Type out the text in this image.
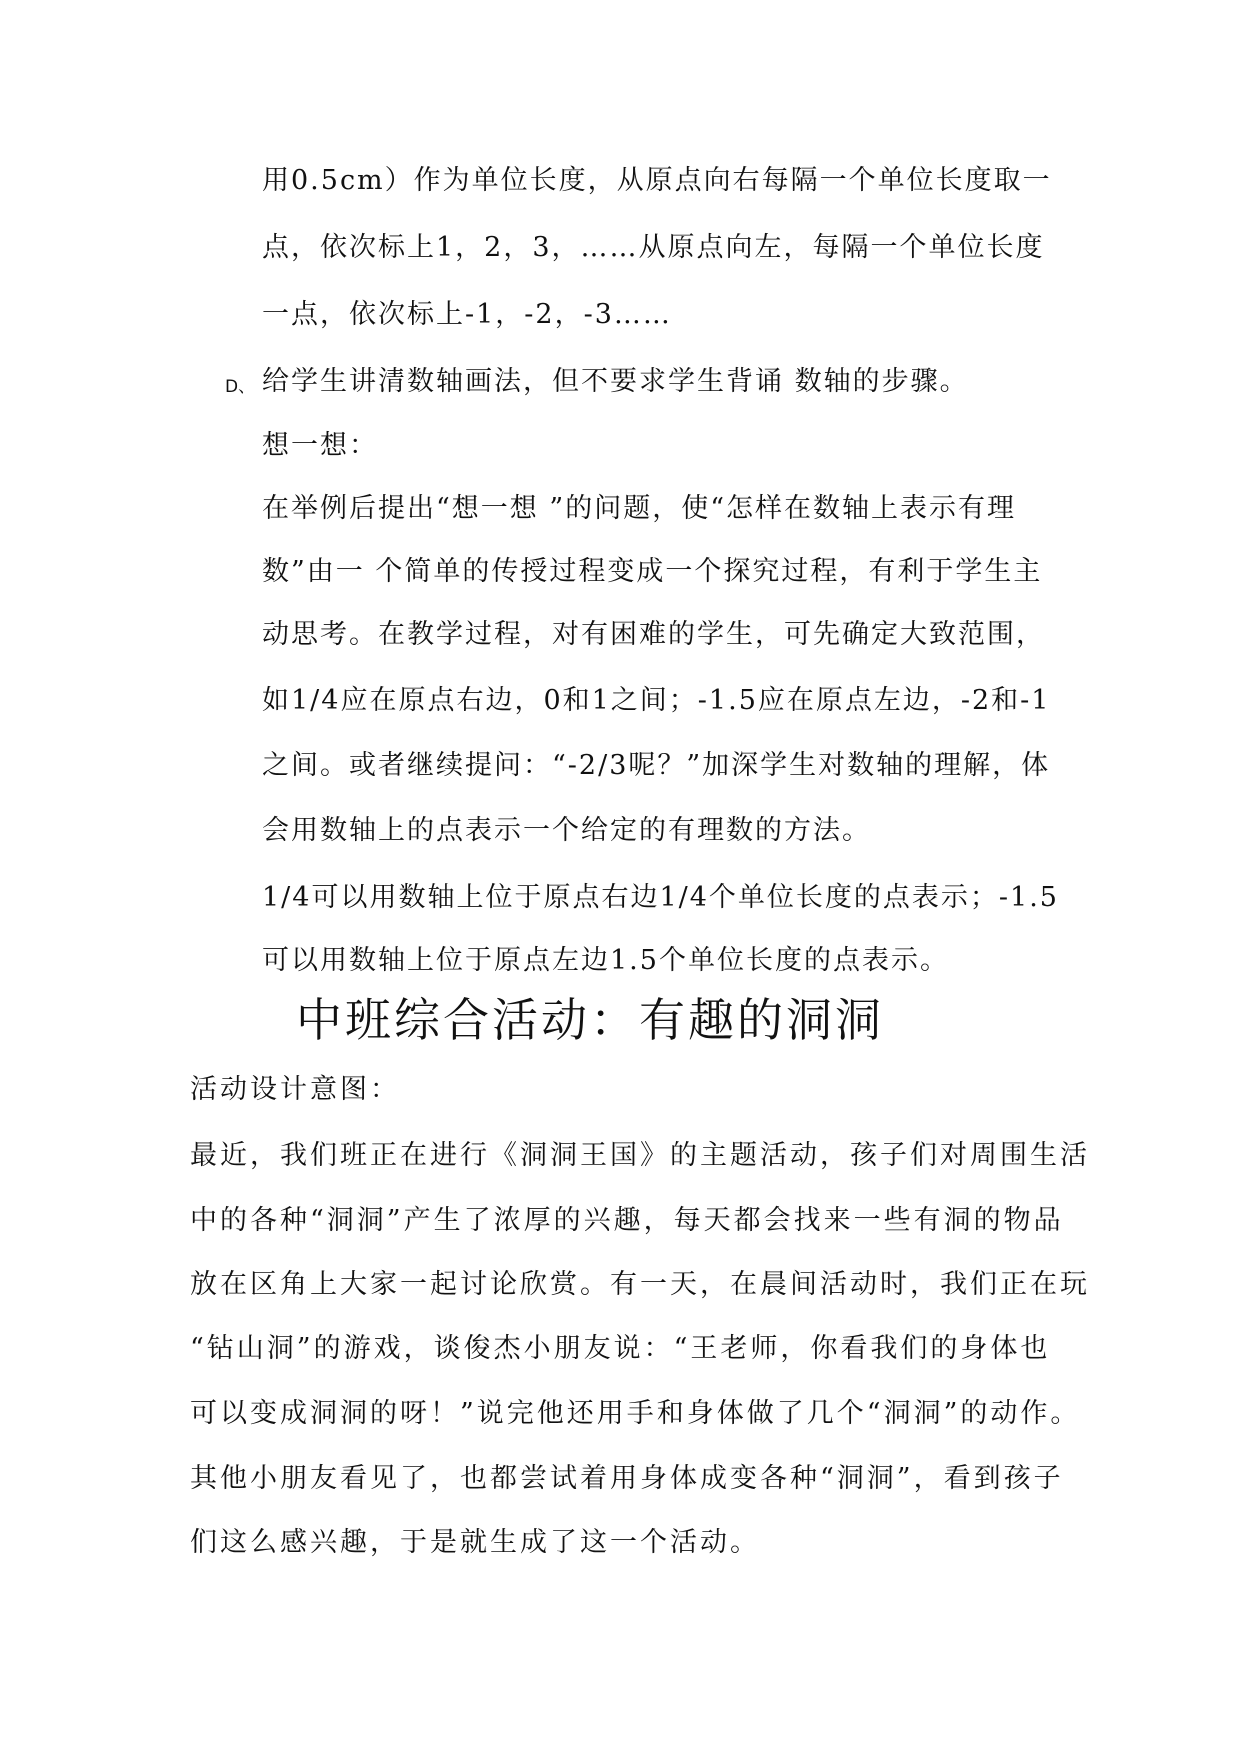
用0.5cm）作为单位长度，从原点向右每隔一个单位长度取一
点，依次标上1，2，3，……从原点向左，每隔一个单位长度
一点，依次标上-1，-2，-3……
D、 给学生讲清数轴画法，但不要求学生背诵 数轴的步骤。
想一想：
在举例后提出“想一想 ”的问题，使“怎样在数轴上表示有理
数”由一 个简单的传授过程变成一个探究过程，有利于学生主
动思考。在教学过程，对有困难的学生，可先确定大致范围，
如1/4应在原点右边，0和1之间；-1.5应在原点左边，-2和-1
之间。或者继续提问：“-2/3呢？”加深学生对数轴的理解，体
会用数轴上的点表示一个给定的有理数的方法。
1/4可以用数轴上位于原点右边1/4个单位长度的点表示；-1.5
可以用数轴上位于原点左边1.5个单位长度的点表示。
中班综合活动：有趣的洞洞
活动设计意图：
最近，我们班正在进行《洞洞王国》的主题活动，孩子们对周围生活
中的各种“洞洞”产生了浓厚的兴趣，每天都会找来一些有洞的物品
放在区角上大家一起讨论欣赏。有一天，在晨间活动时，我们正在玩
“钻山洞”的游戏，谈俊杰小朋友说：“王老师，你看我们的身体也
可以变成洞洞的呀！”说完他还用手和身体做了几个“洞洞”的动作。
其他小朋友看见了，也都尝试着用身体成变各种“洞洞”，看到孩子
们这么感兴趣，于是就生成了这一个活动。
